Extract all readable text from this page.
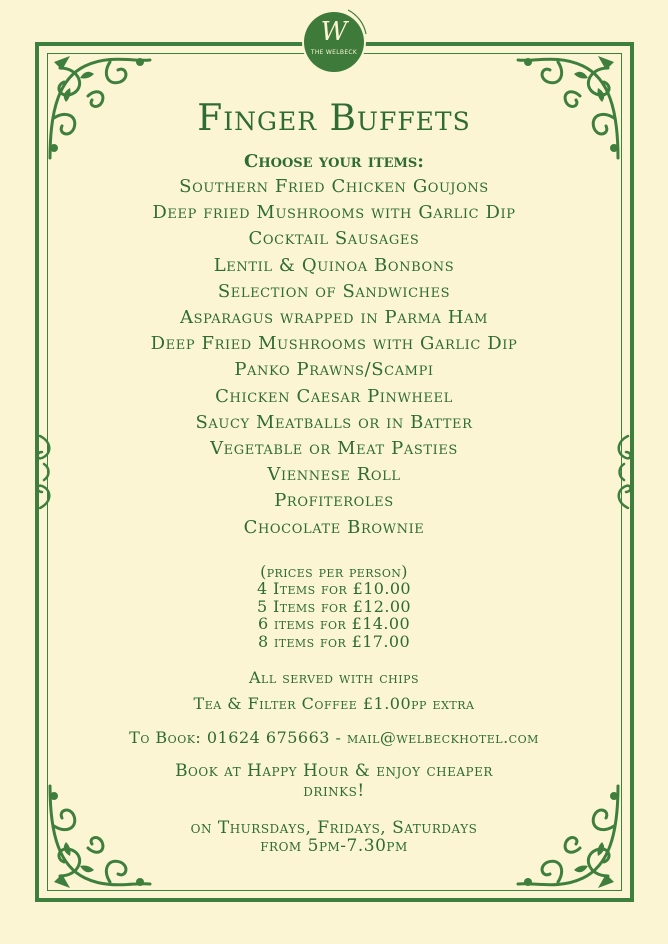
W
THE WELBECK
Finger Buffets
Choose your items:
Southern Fried Chicken Goujons
Deep fried Mushrooms with Garlic Dip
Cocktail Sausages
Lentil & Quinoa Bonbons
Selection of Sandwiches
Asparagus wrapped in Parma Ham
Deep Fried Mushrooms with Garlic Dip
Panko Prawns/Scampi
Chicken Caesar Pinwheel
Saucy Meatballs or in Batter
Vegetable or Meat Pasties
Viennese Roll
Profiteroles
Chocolate Brownie
(prices per person)
4 Items for £10.00
5 Items for £12.00
6 items for £14.00
8 items for £17.00
All served with chips
Tea & Filter Coffee £1.00pp extra
To Book: 01624 675663 - mail@welbeckhotel.com
Book at Happy Hour & enjoy cheaper
drinks!
on Thursdays, Fridays, Saturdays
from 5pm-7.30pm
